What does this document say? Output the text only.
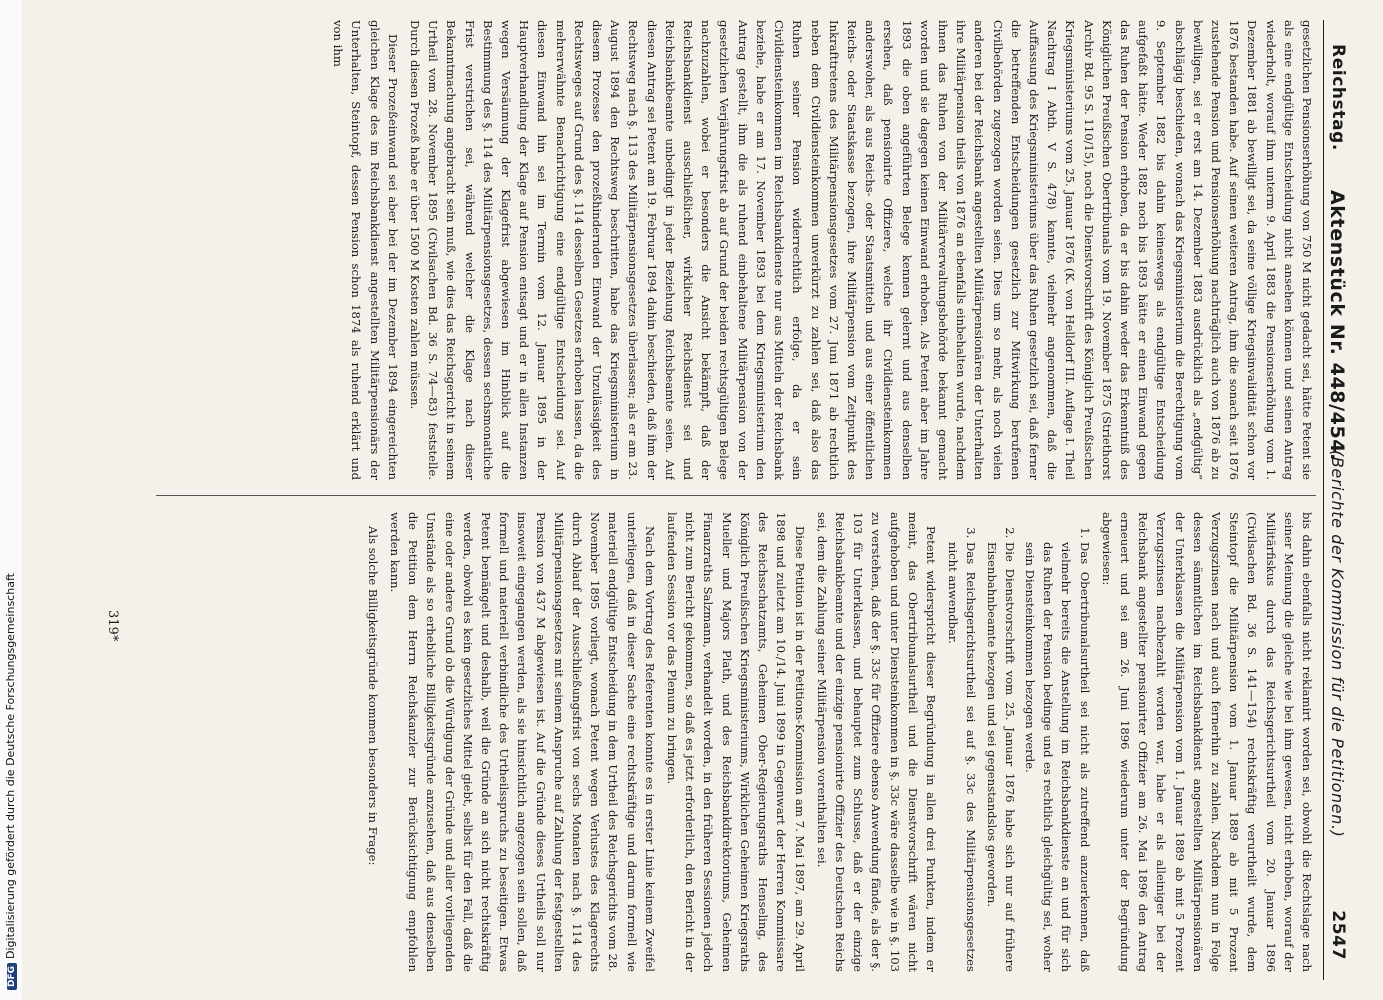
DFGDigitalisierung gefördert durch die Deutsche Forschungsgemeinschaft
Reichstag.
Aktenstück Nr. 448/454.
(Berichte der Kommission für die Petitionen.)
2547

gesetzlichen Pensionserhöhung von 750 M nicht gedacht sei, hätte Petent sie als eine endgültige Entscheidung nicht ansehen können und seinen Antrag wiederholt, worauf ihm unterm 9. April 1883 die Pensionserhöhung vom 1. Dezember 1881 ab bewilligt sei, da seine völlige Kriegsinvalidität schon vor 1876 bestanden habe. Auf seinen weiteren Antrag, ihm die sonach seit 1876 zustehende Pension und Pensionserhöhung nachträglich auch von 1876 ab zu bewilligen, sei er erst am 14. Dezember 1883 ausdrücklich als „endgültig“ abschlägig beschieden, wonach das Kriegsministerium die Berechtigung vom 9. September 1882 bis dahin keineswegs als endgültige Entscheidung aufgefaßt hätte. Weder 1882 noch bis 1893 hätte er einen Einwand gegen das Ruhen der Pension erhoben, da er bis dahin weder das Erkenntniß des Königlichen Preußischen Obertribunals vom 19. November 1875 (Striethorst Archiv Bd. 95 S. 110/15), noch die Dienstvorschrift des Königlich Preußischen Kriegsministeriums vom 25. Januar 1876 (K. von Helldorf III. Auflage I. Theil Nachtrag I Abth. V S. 478) kannte, vielmehr angenommen, daß die Auffassung des Kriegsministeriums über das Ruhen gesetzlich sei, daß ferner die betreffenden Entscheidungen gesetzlich zur Mitwirkung berufenen Civilbehörden zugezogen worden seien. Dies um so mehr, als noch vielen anderen bei der Reichsbank angestellten Militärpensionären der Unterhalten ihre Militärpension theils von 1876 an ebenfalls einbehalten wurde, nachdem ihnen das Ruhen von der Militärverwaltungsbehörde bekannt gemacht worden und sie dagegen keinen Einwand erhoben. Als Petent aber im Jahre 1893 die oben angeführten Belege kennen gelernt und aus denselben ersehen, daß pensionirte Offiziere, welche ihr Civildiensteinkommen anderswoher, als aus Reichs- oder Staatsmitteln und aus einer öffentlichen Reichs- oder Staatskasse bezogen, ihre Militärpension vom Zeitpunkt des Inkrafttretens des Militärpensionsgesetzes vom 27. Juni 1871 ab rechtlich neben dem Civildiensteinkommen unverkürzt zu zahlen sei, daß also das Ruhen seiner Pension widerrechtlich erfolge, da er sein Civildiensteinkommen im Reichsbankdienste nur aus Mitteln der Reichsbank beziehe, habe er am 17. November 1893 bei dem Kriegsministerium den Antrag gestellt, ihm die als ruhend einbehaltene Militärpension von der gesetzlichen Verjährungsfrist ab auf Grund der beiden rechtsgültigen Belege nachzuzahlen, wobei er besonders die Ansicht bekämpft, daß der Reichsbankdienst ausschließlicher, wirklicher Reichsdienst sei und Reichsbankbeamte unbedingt in jeder Beziehung Reichsbeamte seien. Auf diesen Antrag sei Petent am 19. Februar 1894 dahin beschieden, daß ihm der Rechtsweg nach §. 113 des Militärpensionsgesetzes überlassen; als er am 23. August 1894 den Rechtsweg beschritten, habe das Kriegsministerium in diesem Prozesse den prozeßhindernden Einwand der Unzulässigkeit des Rechtsweges auf Grund des §. 114 desselben Gesetzes erhoben lassen, da die mehrerwähnte Benachrichtigung eine endgültige Entscheidung sei. Auf diesen Einwand hin sei im Termin vom 12. Januar 1895 in der Hauptverhandlung der Klage auf Pension entsagt und er in allen Instanzen wegen Versäumung der Klagefrist abgewiesen im Hinblick auf die Bestimmung des §. 114 des Militärpensionsgesetzes, dessen sechsmonatliche Frist verstrichen sei, während welcher die Klage nach dieser Bekanntmachung angebracht sein muß, wie dies das Reichsgericht in seinem Urtheil vom 28. November 1895 (Civilsachen Bd. 36 S. 74—83) feststelle. Durch diesen Prozeß habe er über 1500 M Kosten zahlen müssen.

Dieser Prozeßeinwand sei aber bei der im Dezember 1894 eingereichten gleichen Klage des im Reichsbankdienst angestellten Militärpensionärs der Unterhalten, Steintopf, dessen Pension schon 1874 als ruhend erklärt und von ihm

bis dahin ebenfalls nicht reklamirt worden sei, obwohl die Rechtslage nach seiner Meinung die gleiche wie bei ihm gewesen, nicht erhoben, worauf der Militärfiskus durch das Reichsgerichtsurtheil vom 20. Januar 1896 (Civilsachen Bd. 36 S. 141—154) rechtskräftig verurtheilt wurde, dem Steintopf die Militärpension vom 1. Januar 1889 ab mit 5 Prozent Verzugszinsen nach und auch fernerhin zu zahlen. Nachdem nun in Folge dessen sämmtlichen im Reichsbankdienst angestellten Militärpensionären der Unterklassen die Militärpension vom 1. Januar 1889 ab mit 5 Prozent Verzugszinsen nachbezahlt worden war, habe er als alleiniger bei der Reichsbank angestellter pensionirter Offizier am 26. Mai 1896 den Antrag erneuert und sei am 26. Juni 1896 wiederum unter der Begründung abgewiesen:

1. Das Obertribunalsurtheil sei nicht als zutreffend anzuerkennen, daß vielmehr bereits die Anstellung im Reichsbankdienste an und für sich das Ruhen der Pension bedinge und es rechtlich gleichgültig sei, woher sein Diensteinkommen bezogen werde.
2. Die Dienstvorschrift vom 25. Januar 1876 habe sich nur auf frühere Eisenbahnbeamte bezogen und sei gegenstandslos geworden.
3. Das Reichsgerichtsurtheil sei auf §. 33c des Militärpensionsgesetzes nicht anwendbar.

Petent widerspricht dieser Begründung in allen drei Punkten, indem er meint, das Obertribunalsurtheil und die Dienstvorschrift wären nicht aufgehoben und unter Diensteinkommen in §. 33c wäre dasselbe wie in §. 103 zu verstehen, daß der §. 33c für Offiziere ebenso Anwendung fände, als der §. 103 für Unterklassen, und behauptet zum Schlusse, daß er der einzige Reichsbankbeamte und der einzige pensionirte Offizier des Deutschen Reichs sei, dem die Zahlung seiner Militärpension vorenthalten sei.

Diese Petition ist in der Petitions-Kommission am 7. Mai 1897, am 29. April 1898 und zuletzt am 10./14. Juni 1899 in Gegenwart der Herren Kommissare des Reichsschatzamts, Geheimen Ober-Regierungsraths Henseling, des Königlich Preußischen Kriegsministeriums, Wirklichen Geheimen Kriegsraths Mueller und Majors Plath, und des Reichsbankdirektoriums, Geheimen Finanzraths Salzmann, verhandelt worden, in den früheren Sessionen jedoch nicht zum Bericht gekommen, so daß es jetzt erforderlich, den Bericht in der laufenden Session vor das Plenum zu bringen.

Nach dem Vortrag des Referenten konnte es in erster Linie keinem Zweifel unterliegen, daß in dieser Sache eine rechtskräftige und darum formell wie materiell endgültige Entscheidung in dem Urtheil des Reichsgerichts vom 28. November 1895 vorliegt, wonach Petent wegen Verlustes des Klagerechts durch Ablauf der Ausschließungsfrist von sechs Monaten nach §. 114 des Militärpensionsgesetzes mit seinem Anspruche auf Zahlung der festgestellten Pension von 437 M abgewiesen ist. Auf die Gründe dieses Urtheils soll nur insoweit eingegangen werden, als sie hinsichtlich angezogen sein sollen, daß formell und materiell verbindliche des Urtheilsspruchs zu beseitigen. Etwas Petent bemängelt und deshalb, weil die Gründe an sich nicht rechtskräftig werden, obwohl es kein gesetzliches Mittel giebt, selbst für den Fall, daß die eine oder andere Grund ob die Würdigung der Gründe und aller vorliegenden Umstände als so erhebliche Billigkeitsgründe anzusehen, daß aus denselben die Petition dem Herrn Reichskanzler zur Berücksichtigung empfohlen werden kann.

Als solche Billigkeitsgründe kommen besonders in Frage:

319*
